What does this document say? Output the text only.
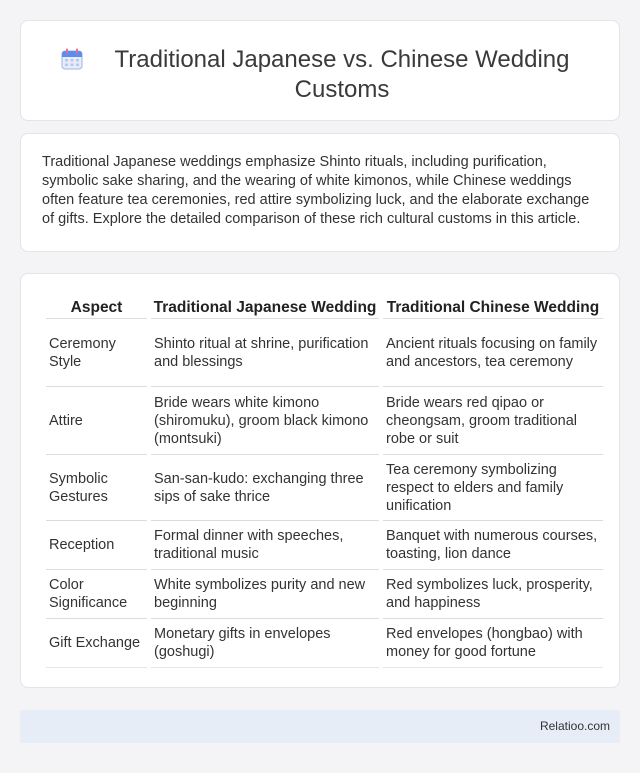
Traditional Japanese vs. Chinese Wedding Customs

Traditional Japanese weddings emphasize Shinto rituals, including purification, symbolic sake sharing, and the wearing of white kimonos, while Chinese weddings often feature tea ceremonies, red attire symbolizing luck, and the elaborate exchange of gifts. Explore the detailed comparison of these rich cultural customs in this article.

Aspect	Traditional Japanese Wedding	Traditional Chinese Wedding
Ceremony Style	Shinto ritual at shrine, purification and blessings	Ancient rituals focusing on family and ancestors, tea ceremony
Attire	Bride wears white kimono (shiromuku), groom black kimono (montsuki)	Bride wears red qipao or cheongsam, groom traditional robe or suit
Symbolic Gestures	San-san-kudo: exchanging three sips of sake thrice	Tea ceremony symbolizing respect to elders and family unification
Reception	Formal dinner with speeches, traditional music	Banquet with numerous courses, toasting, lion dance
Color Significance	White symbolizes purity and new beginning	Red symbolizes luck, prosperity, and happiness
Gift Exchange	Monetary gifts in envelopes (goshugi)	Red envelopes (hongbao) with money for good fortune
Relatioo.com
